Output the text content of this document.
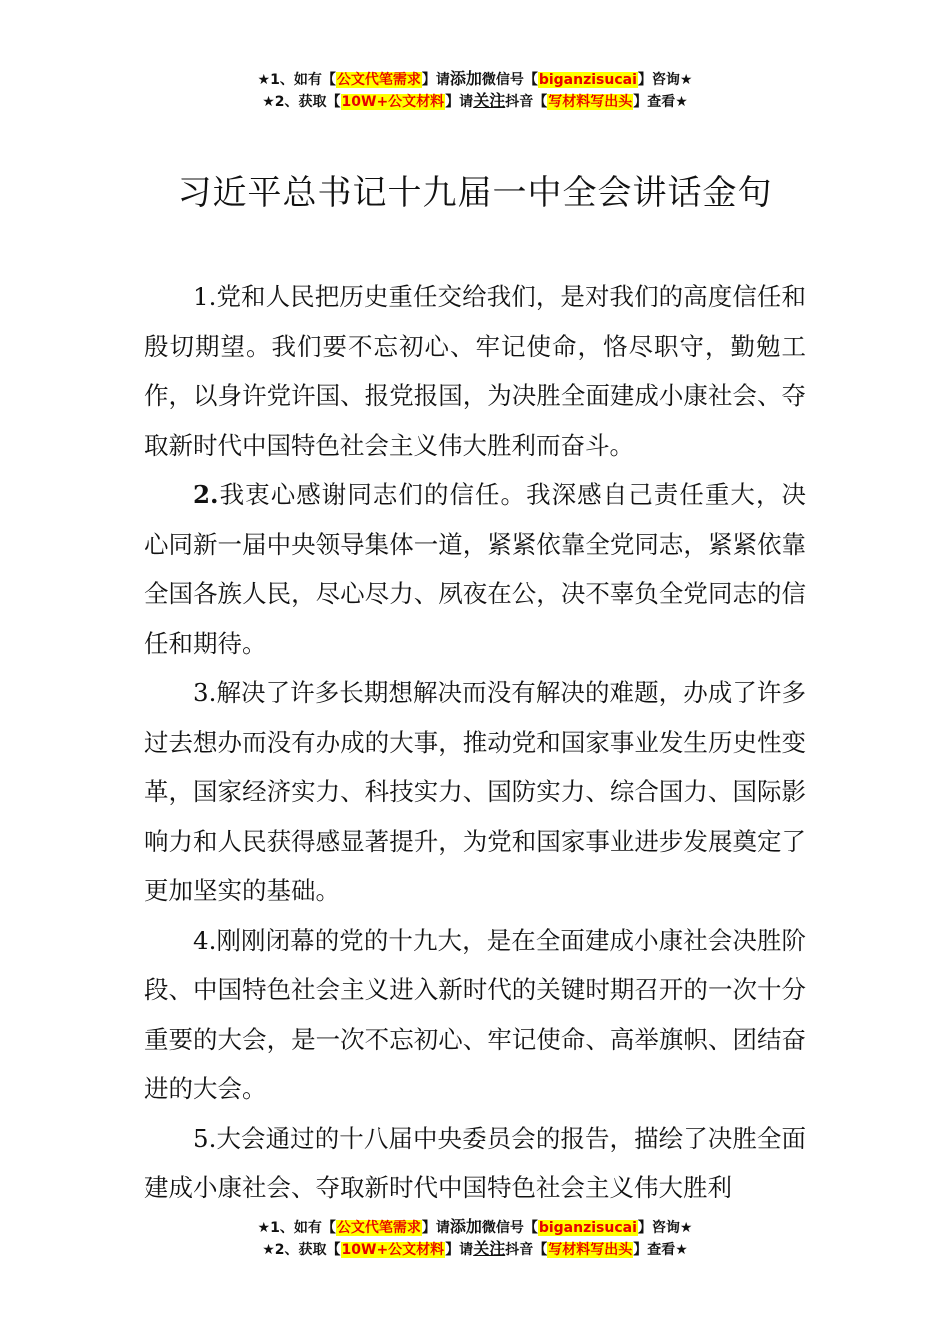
★1、如有【公文代笔需求】请添加微信号【biganzisucai】咨询★
★2、获取【10W+公文材料】请关注抖音【写材料写出头】查看★
习近平总书记十九届一中全会讲话金句

1.党和人民把历史重任交给我们，是对我们的高度信任和殷切期望。我们要不忘初心、牢记使命，恪尽职守，勤勉工作，以身许党许国、报党报国，为决胜全面建成小康社会、夺取新时代中国特色社会主义伟大胜利而奋斗。

2.我衷心感谢同志们的信任。我深感自己责任重大，决心同新一届中央领导集体一道，紧紧依靠全党同志，紧紧依靠全国各族人民，尽心尽力、夙夜在公，决不辜负全党同志的信任和期待。

3.解决了许多长期想解决而没有解决的难题，办成了许多过去想办而没有办成的大事，推动党和国家事业发生历史性变革，国家经济实力、科技实力、国防实力、综合国力、国际影响力和人民获得感显著提升，为党和国家事业进步发展奠定了更加坚实的基础。

4.刚刚闭幕的党的十九大，是在全面建成小康社会决胜阶段、中国特色社会主义进入新时代的关键时期召开的一次十分重要的大会，是一次不忘初心、牢记使命、高举旗帜、团结奋进的大会。

5.大会通过的十八届中央委员会的报告，描绘了决胜全面建成小康社会、夺取新时代中国特色社会主义伟大胜利

★1、如有【公文代笔需求】请添加微信号【biganzisucai】咨询★
★2、获取【10W+公文材料】请关注抖音【写材料写出头】查看★
